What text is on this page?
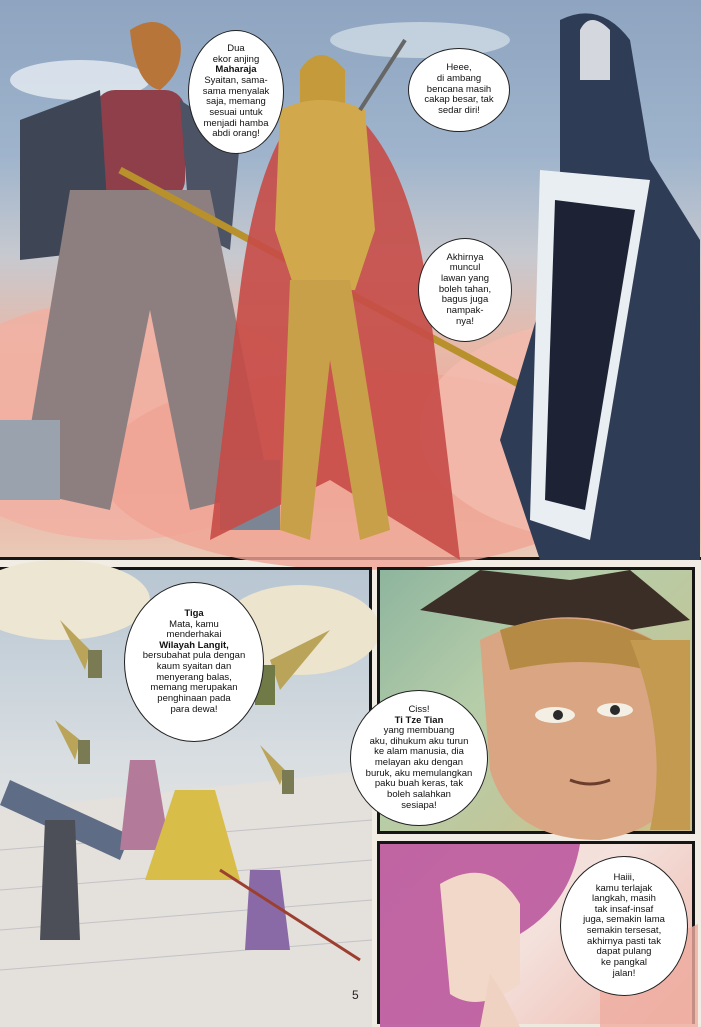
Dua
ekor anjing
Maharaja
Syaitan, sama-
sama menyalak
saja, memang
sesuai untuk
menjadi hamba
abdi orang!
Heee,
di ambang
bencana masih
cakap besar, tak
sedar diri!
Akhirnya
muncul
lawan yang
boleh tahan,
bagus juga
nampak-
nya!
Tiga
Mata, kamu
menderhakai
Wilayah Langit,
bersubahat pula dengan
kaum syaitan dan
menyerang balas,
memang merupakan
penghinaan pada
para dewa!	Ciss!
Ti Tze Tian
yang membuang
aku, dihukum aku turun
ke alam manusia, dia
melayan aku dengan
buruk, aku memulangkan
paku buah keras, tak
boleh salahkan
sesiapa!
Haiii,
kamu terlajak
langkah, masih
tak insaf-insaf
juga, semakin lama
semakin tersesat,
akhirnya pasti tak
dapat pulang
ke pangkal
jalan!
5
